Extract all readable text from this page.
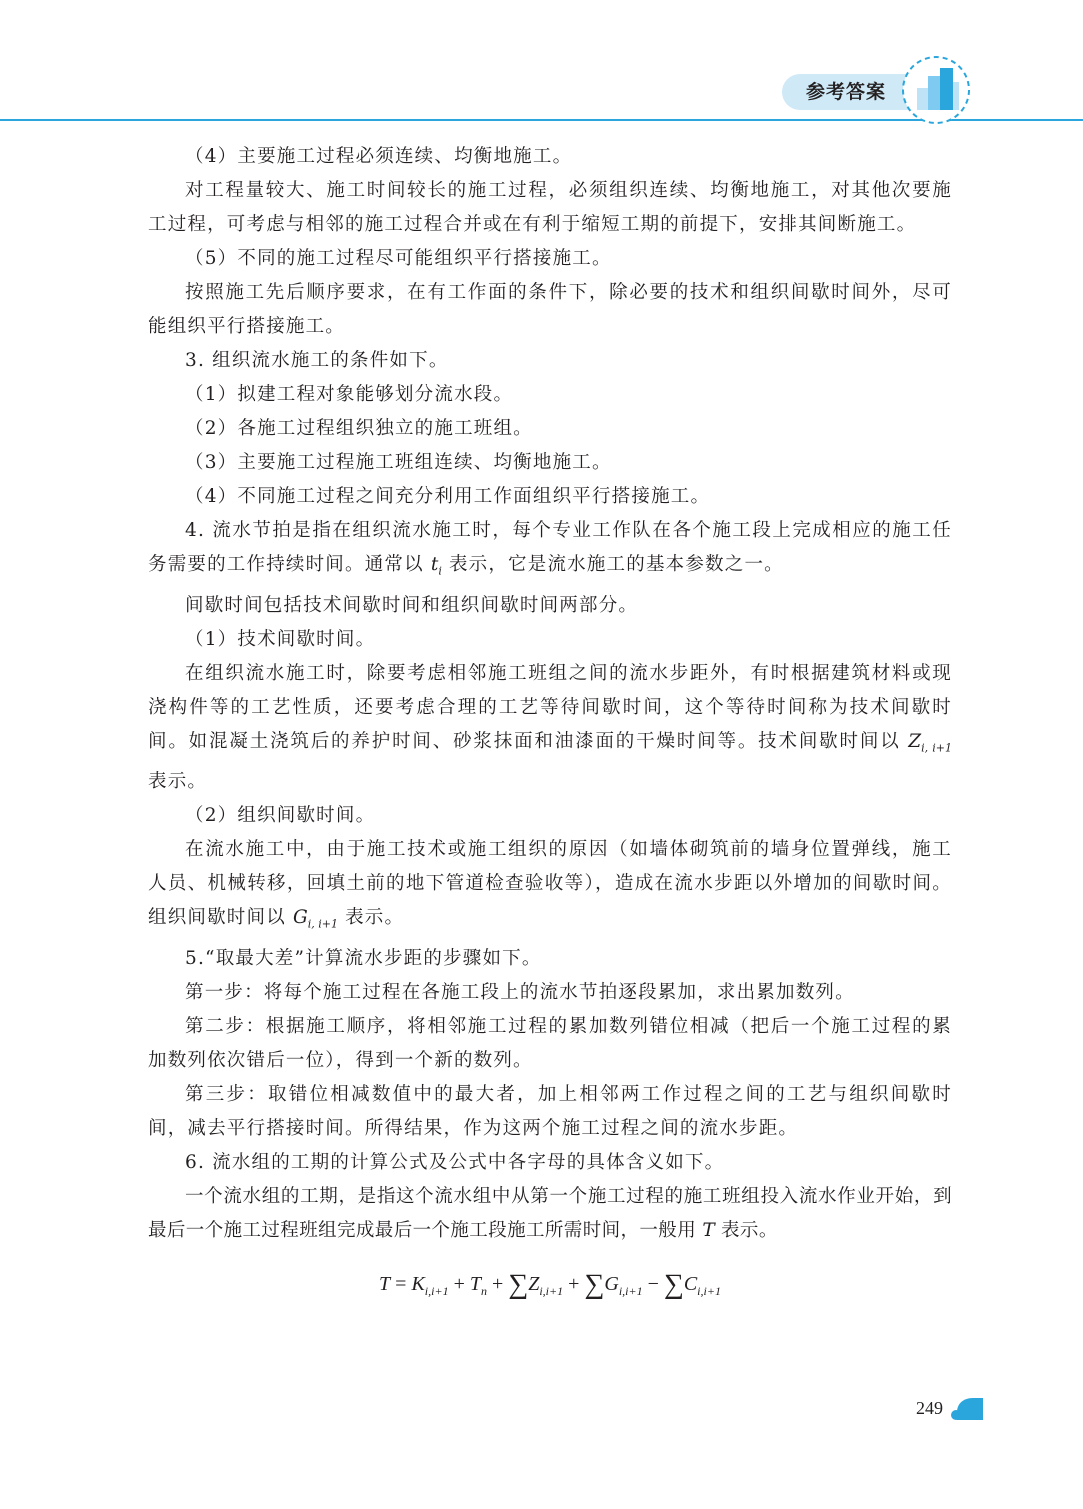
参考答案

（4）主要施工过程必须连续、均衡地施工。

对工程量较大、施工时间较长的施工过程，必须组织连续、均衡地施工，对其他次要施工过程，可考虑与相邻的施工过程合并或在有利于缩短工期的前提下，安排其间断施工。

（5）不同的施工过程尽可能组织平行搭接施工。

按照施工先后顺序要求，在有工作面的条件下，除必要的技术和组织间歇时间外，尽可能组织平行搭接施工。

3. 组织流水施工的条件如下。

（1）拟建工程对象能够划分流水段。

（2）各施工过程组织独立的施工班组。

（3）主要施工过程施工班组连续、均衡地施工。

（4）不同施工过程之间充分利用工作面组织平行搭接施工。

4. 流水节拍是指在组织流水施工时，每个专业工作队在各个施工段上完成相应的施工任务需要的工作持续时间。通常以 $t_i$ 表示，它是流水施工的基本参数之一。

间歇时间包括技术间歇时间和组织间歇时间两部分。

（1）技术间歇时间。

在组织流水施工时，除要考虑相邻施工班组之间的流水步距外，有时根据建筑材料或现浇构件等的工艺性质，还要考虑合理的工艺等待间歇时间，这个等待时间称为技术间歇时间。如混凝土浇筑后的养护时间、砂浆抹面和油漆面的干燥时间等。技术间歇时间以 $Z_{i, i+1}$ 表示。

（2）组织间歇时间。

在流水施工中，由于施工技术或施工组织的原因（如墙体砌筑前的墙身位置弹线，施工人员、机械转移，回填土前的地下管道检查验收等），造成在流水步距以外增加的间歇时间。组织间歇时间以 $G_{i, i+1}$ 表示。

5.“取最大差”计算流水步距的步骤如下。

第一步：将每个施工过程在各施工段上的流水节拍逐段累加，求出累加数列。

第二步：根据施工顺序，将相邻施工过程的累加数列错位相减（把后一个施工过程的累加数列依次错后一位），得到一个新的数列。

第三步：取错位相减数值中的最大者，加上相邻两工作过程之间的工艺与组织间歇时间，减去平行搭接时间。所得结果，作为这两个施工过程之间的流水步距。

6. 流水组的工期的计算公式及公式中各字母的具体含义如下。

一个流水组的工期，是指这个流水组中从第一个施工过程的施工班组投入流水作业开始，到最后一个施工过程班组完成最后一个施工段施工所需时间，一般用 T 表示。

$T = K_{i,i+1} + T_n + \sum Z_{i,i+1} + \sum G_{i,i+1} - \sum C_{i,i+1}$
249
